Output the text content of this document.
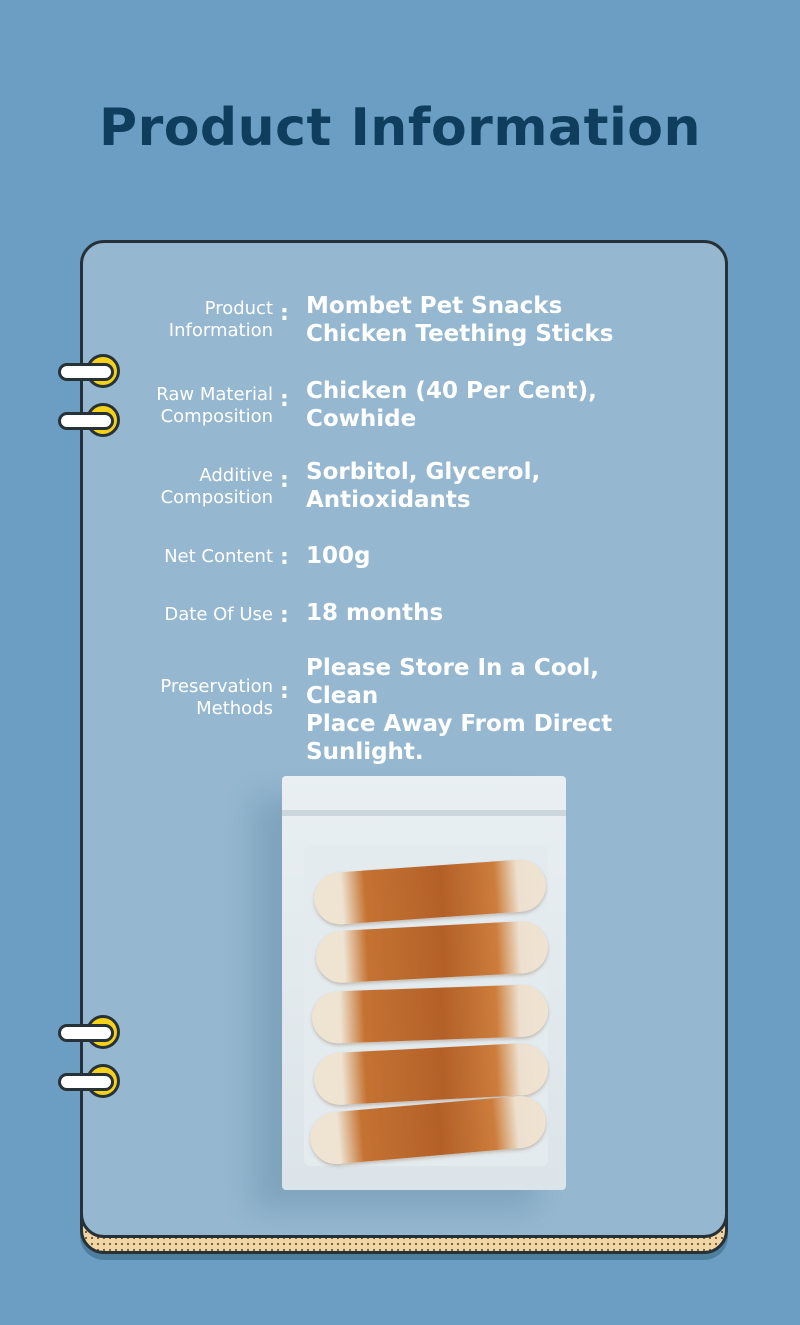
Product Information
Product
Information
: Mombet Pet Snacks
Chicken Teething Sticks
Raw Material
Composition
: Chicken (40 Per Cent),
Cowhide
Additive
Composition
: Sorbitol, Glycerol,
Antioxidants
Net Content : 100g
Date Of Use : 18 months
Preservation
Methods
:
Please Store In a Cool, Clean
Place Away From Direct
Sunlight.
